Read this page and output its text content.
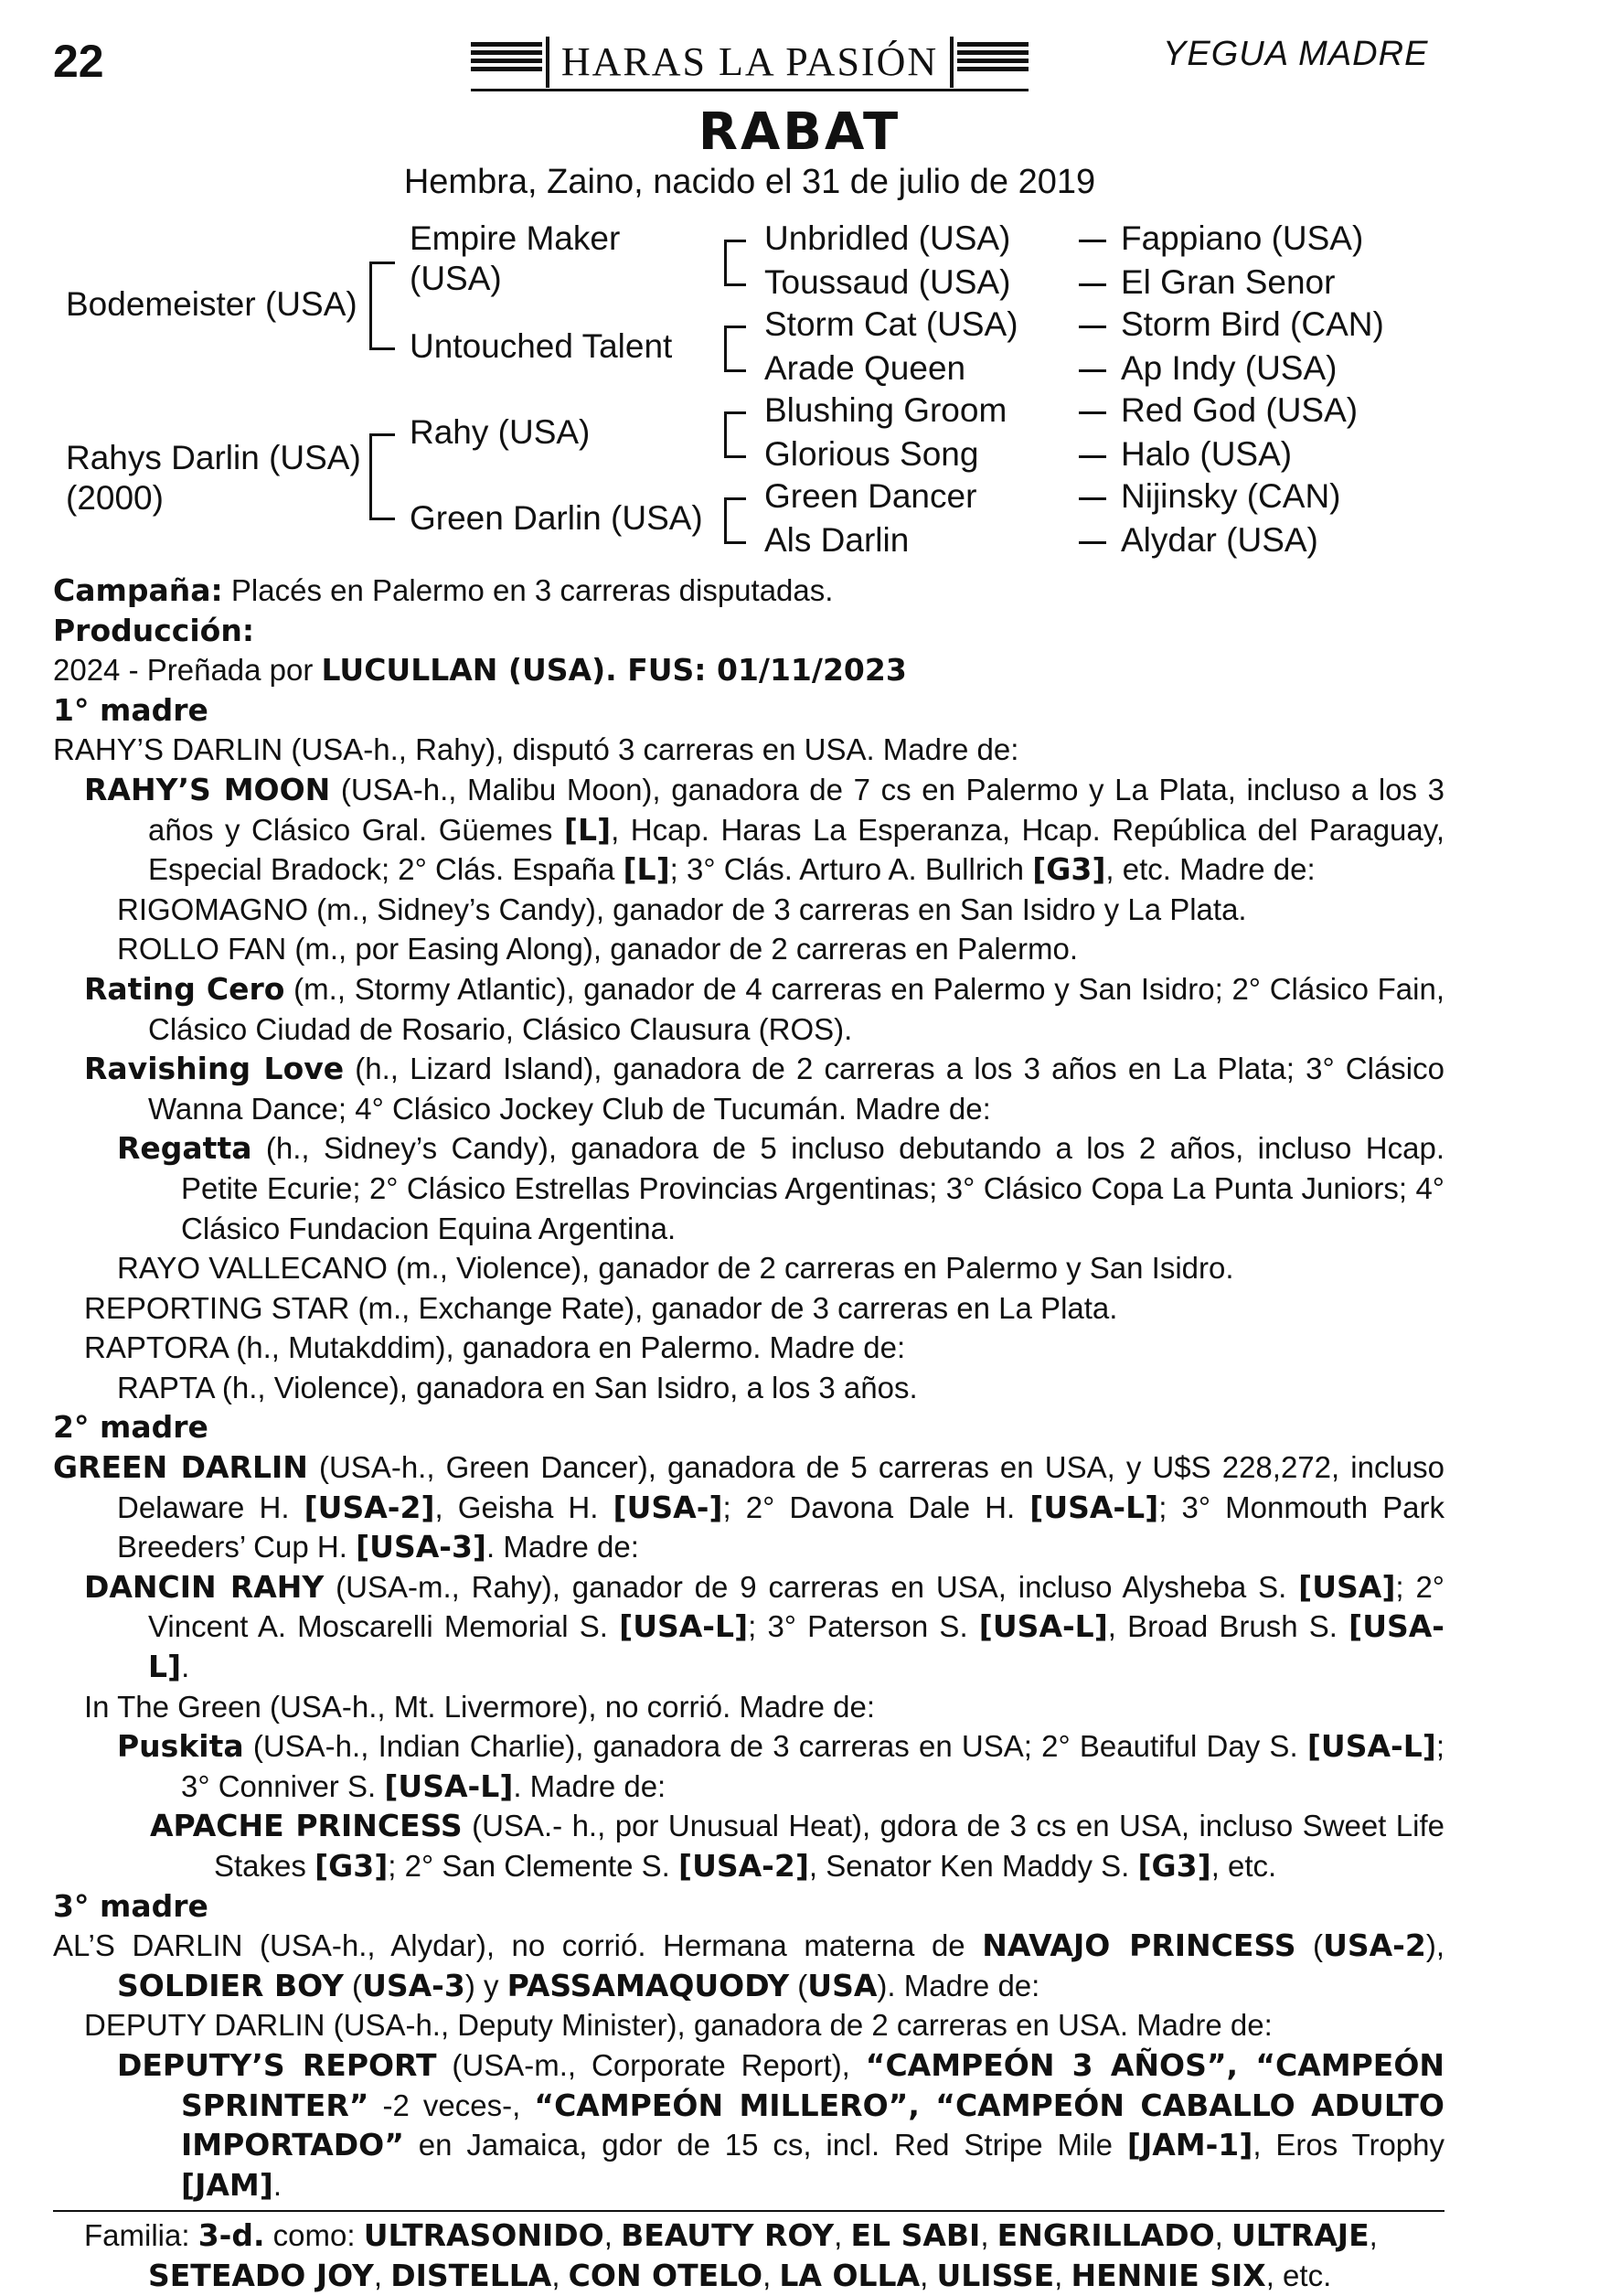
22	HARAS LA PASIÓN	YEGUA MADRE
RABAT
Hembra, Zaino, nacido el 31 de julio de 2019
Bodemeister (USA)
Rahys Darlin (USA)
(2000)
Empire Maker
(USA)
Untouched Talent
Rahy (USA)
Green Darlin (USA)
Unbridled (USA)
Toussaud (USA)
Storm Cat (USA)
Arade Queen
Blushing Groom
Glorious Song
Green Dancer
Als Darlin
Fappiano (USA)
El Gran Senor
Storm Bird (CAN)
Ap Indy (USA)
Red God (USA)
Halo (USA)
Nijinsky (CAN)
Alydar (USA)

Campaña: Placés en Palermo en 3 carreras disputadas.

Producción:

2024 - Preñada por LUCULLAN (USA). FUS: 01/11/2023

1° madre

RAHY’S DARLIN (USA-h., Rahy), disputó 3 carreras en USA. Madre de:

RAHY’S MOON (USA-h., Malibu Moon), ganadora de 7 cs en Palermo y La Plata, incluso a los 3 años y Clásico Gral. Güemes [L], Hcap. Haras La Esperanza, Hcap. República del Paraguay, Especial Bradock; 2° Clás. España [L]; 3° Clás. Arturo A. Bullrich [G3], etc. Madre de:

RIGOMAGNO (m., Sidney’s Candy), ganador de 3 carreras en San Isidro y La Plata.

ROLLO FAN (m., por Easing Along), ganador de 2 carreras en Palermo.

Rating Cero (m., Stormy Atlantic), ganador de 4 carreras en Palermo y San Isidro; 2° Clásico Fain, Clásico Ciudad de Rosario, Clásico Clausura (ROS).

Ravishing Love (h., Lizard Island), ganadora de 2 carreras a los 3 años en La Plata; 3° Clásico Wanna Dance; 4° Clásico Jockey Club de Tucumán. Madre de:

Regatta (h., Sidney’s Candy), ganadora de 5 incluso debutando a los 2 años, incluso Hcap. Petite Ecurie; 2° Clásico Estrellas Provincias Argentinas; 3° Clásico Copa La Punta Juniors; 4° Clásico Fundacion Equina Argentina.

RAYO VALLECANO (m., Violence), ganador de 2 carreras en Palermo y San Isidro.

REPORTING STAR (m., Exchange Rate), ganador de 3 carreras en La Plata.

RAPTORA (h., Mutakddim), ganadora en Palermo. Madre de:

RAPTA (h., Violence), ganadora en San Isidro, a los 3 años.

2° madre

GREEN DARLIN (USA-h., Green Dancer), ganadora de 5 carreras en USA, y U$S 228,272, incluso Delaware H. [USA-2], Geisha H. [USA-]; 2° Davona Dale H. [USA-L]; 3° Monmouth Park Breeders’ Cup H. [USA-3]. Madre de:

DANCIN RAHY (USA-m., Rahy), ganador de 9 carreras en USA, incluso Alysheba S. [USA]; 2° Vincent A. Moscarelli Memorial S. [USA-L]; 3° Paterson S. [USA-L], Broad Brush S. [USA-L].

In The Green (USA-h., Mt. Livermore), no corrió. Madre de:

Puskita (USA-h., Indian Charlie), ganadora de 3 carreras en USA; 2° Beautiful Day S. [USA-L]; 3° Conniver S. [USA-L]. Madre de:

APACHE PRINCESS (USA.- h., por Unusual Heat), gdora de 3 cs en USA, incluso Sweet Life Stakes [G3]; 2° San Clemente S. [USA-2], Senator Ken Maddy S. [G3], etc.

3° madre

AL’S DARLIN (USA-h., Alydar), no corrió. Hermana materna de NAVAJO PRINCESS (USA-2), SOLDIER BOY (USA-3) y PASSAMAQUODY (USA). Madre de:

DEPUTY DARLIN (USA-h., Deputy Minister), ganadora de 2 carreras en USA. Madre de:

DEPUTY’S REPORT (USA-m., Corporate Report), “CAMPEÓN 3 AÑOS”, “CAMPEÓN SPRINTER” -2 veces-, “CAMPEÓN MILLERO”, “CAMPEÓN CABALLO ADULTO IMPORTADO” en Jamaica, gdor de 15 cs, incl. Red Stripe Mile [JAM-1], Eros Trophy [JAM].

Familia: 3-d. como: ULTRASONIDO, BEAUTY ROY, EL SABI, ENGRILLADO, ULTRAJE, SETEADO JOY, DISTELLA, CON OTELO, LA OLLA, ULISSE, HENNIE SIX, etc.
